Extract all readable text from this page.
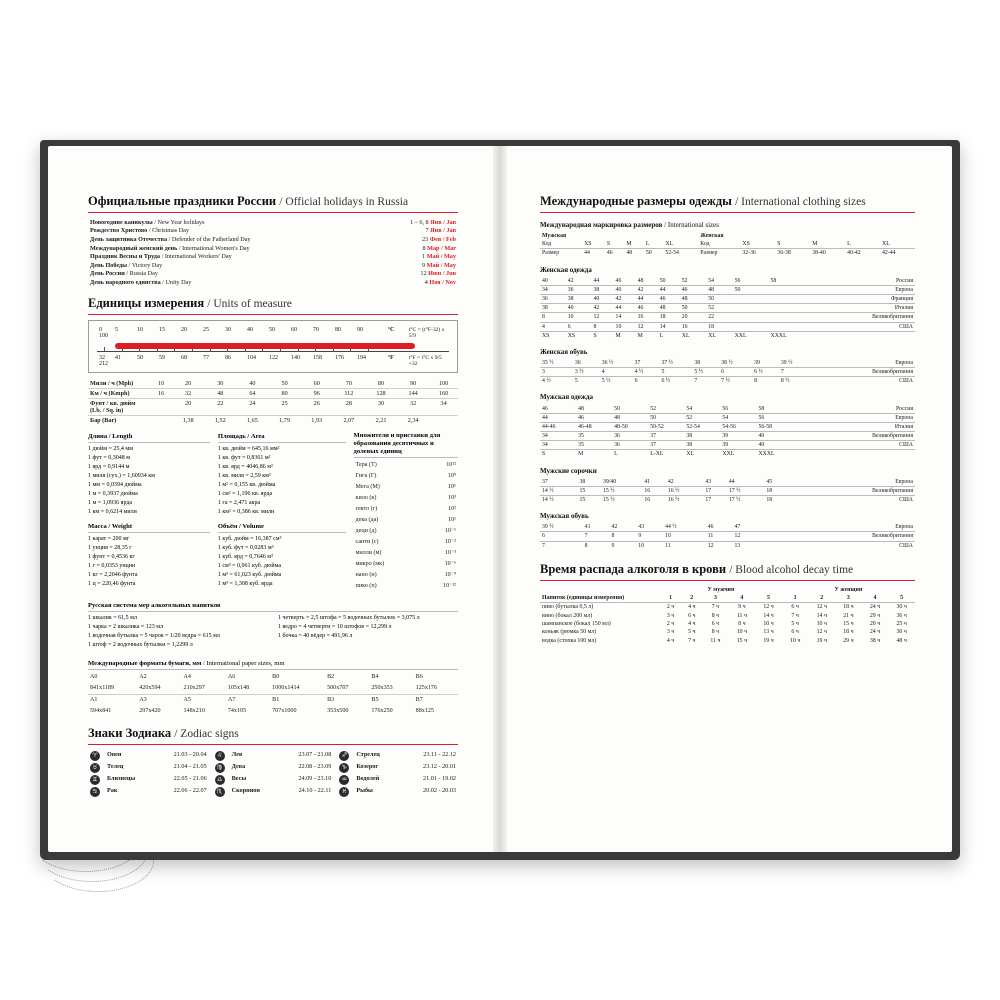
Официальные праздники России / Official holidays in Russia
Новогодние каникулы / New Year holidays	1 – 6, 8 Янв / Jan
Рождество Христово / Christmas Day	7 Янв / Jan
День защитника Отечества / Defender of the Fatherland Day	23 Фев / Feb
Международный женский день / International Women's Day	8 Мар / Mar
Праздник Весны и Труда / International Workers' Day	1 Май / May
День Победы / Victory Day	9 Май / May
День России / Russia Day	12 Июн / Jun
День народного единства / Unity Day	4 Ноя / Nov
Единицы измерения / Units of measure
0 5	10	15	20	25	30	40	50	60	70	80	90100	°C	t°C = (t°F-32) x 5/9
32 41	50	59	68	77	86	104 122 140 158 176 194212	°F	t°F = t°C x 9/5 +32
Мили / ч (Mph)	10	20	30	40	50	60	70	80	90	100
Км / ч (Kmph)	16	32	48	64	80	96	112	128	144	160
Фунт / кв. дюйм (Lb. / Sq. in)		20	22	24	25	26	28	30	32	34
Бар (Bar)		1,38	1,52	1,65	1,79	1,93	2,07	2,21	2,34	
Длина / Length
1 дюйм = 25,4 мм
1 фут = 0,3048 м
1 ярд = 0,9144 м
1 миля (сух.) = 1,60934 км
1 мм = 0,0394 дюйма
1 м = 0,3937 дюйма
1 м = 1,0936 ярда
1 км = 0,6214 мили
Масса / Weight
1 карат = 200 мг
1 унция = 28,35 г
1 фунт = 0,4536 кг
1 г = 0,0353 унции
1 кг = 2,2046 фунта
1 ц = 220,46 фунта
Площадь / Area
1 кв. дюйм = 645,16 мм²
1 кв. фут = 0,8361 м²
1 кв. ярд = 4046,86 м²
1 кв. миля = 2,59 км²
1 м² = 0,155 кв. дюйма
1 см² = 1,196 кв. ярда
1 га = 2,471 акра
1 км² = 0,386 кв. мили
Объём / Volume
1 куб. дюйм = 16,387 см³
1 куб. фут = 0,0283 м³
1 куб. ярд = 0,7646 м³
1 см³ = 0,061 куб. дюйма
1 м³ = 61,023 куб. дюйма
1 м³ = 1,308 куб. ярда
Множители и приставки для образования десятичных и долевых единиц
Тера (Т)	10¹²
Гига (Г)	10⁹
Мега (М)	10⁶
кило (к)	10³
гекто (г)	10²
дека (да)	10¹
деци (д)	10⁻¹
санти (с)	10⁻²
милли (м)	10⁻³
микро (мк)	10⁻⁶
нано (н)	10⁻⁹
пико (п)	10⁻¹²
Русская система мер алкогольных напитков
1 шкалик = 61,5 мл
1 чарка = 2 шкалика = 123 мл
1 водочная бутылка = 5 чарок = 1/20 ведра = 615 мл
1 штоф = 2 водочных бутылки = 1,2299 л
1 четверть = 2,5 штофа = 5 водочных бутылок = 3,075 л
1 ведро = 4 четверти = 10 штофов = 12,299 л
1 бочка = 40 вёдер = 491,96 л
Международные форматы бумаги, мм / International paper sizes, mm
A0	A2	A4	A6	B0	B2	B4	B6
841x1189	420x594	210x297	105x148	1000x1414	500x707	250x353	125x176
A1	A3	A5	A7	B1	B3	B5	B7
594x841	297x420	148x210	74x105	707x1000	353x500	176x250	88x125
Знаки Зодиака / Zodiac signs
♈	Овен	21.03 - 20.04
♉	Телец	21.04 - 21.05
♊	Близнецы	22.05 - 21.06
♋	Рак	22.06 - 22.07
♌	Лев	23.07 - 21.08
♍	Дева	22.08 - 23.09
♎	Весы	24.09 - 23.10
♏	Скорпион	24.10 - 22.11
♐	Стрелец	23.11 - 22.12
♑	Козерог	23.12 - 20.01
♒	Водолей	21.01 - 19.02
♓	Рыбы	20.02 - 20.03
Международные размеры одежды / International clothing sizes
Международная маркировка размеров / International sizes
Мужская						Женская					
Код	XS	S	M	L	XL	Код	XS	S	M	L	XL
Размер	44	46	48	50	52-54	Размер	32-36	36-38	38-40	40-42	42-44
Женская одежда
40	42	44	46	48	50	52	54	56	58	Россия
34	36	38	40	42	44	46	48	50		Европа
36	38	40	42	44	46	48	50			Франция
38	40	42	44	46	48	50	52			Италия
8	10	12	14	16	18	20	22			Великобритания
4	6	8	10	12	14	16	18			США
XS	XS	S	M	M	L	XL	XL	XXL	XXXL	
Женская обувь
35 ½	36	36 ½	37	37 ½	38	38 ½	39	39 ½		Европа
3	3 ½	4	4 ½	5	5 ½	6	6 ½	7		Великобритания
4 ½	5	5 ½	6	6 ½	7	7 ½	8	8 ½		США
Мужская одежда
46	48	50	52	54	56	58				Россия
44	46	48	50	52	54	56				Европа
44-46	46-48	48-50	50-52	52-54	54-56	56-58				Италия
34	35	36	37	38	39	40				Великобритания
34	35	36	37	38	39	40				США
S	M	L	L-XL	XL	XXL	XXXL				
Мужские сорочки
37	38	39/40	41	42	43	44	45			Европа
14 ½	15	15 ½	16	16 ½	17	17 ½	18			Великобритания
14 ½	15	15 ½	16	16 ½	17	17 ½	18			США
Мужская обувь
39 ½	41	42	43	44 ½	46	47				Европа
6	7	8	9	10	11	12				Великобритания
7	8	9	10	11	12	13				США
Время распада алкоголя в крови / Blood alcohol decay time
	У мужчин					У женщин				
Напиток (единицы измерения)	1	2	3	4	5	1	2	3	4	5
пиво (бутылка 0,5 л)	2 ч	4 ч	7 ч	9 ч	12 ч	6 ч	12 ч	18 ч	24 ч	30 ч
вино (бокал 200 мл)	3 ч	6 ч	8 ч	11 ч	14 ч	7 ч	14 ч	21 ч	29 ч	36 ч
шампанское (бокал 150 мл)	2 ч	4 ч	6 ч	8 ч	10 ч	5 ч	10 ч	15 ч	20 ч	25 ч
коньяк (рюмка 50 мл)	3 ч	5 ч	8 ч	10 ч	13 ч	6 ч	12 ч	18 ч	24 ч	30 ч
водка (стопка 100 мл)	4 ч	7 ч	11 ч	15 ч	19 ч	10 ч	19 ч	29 ч	38 ч	48 ч
